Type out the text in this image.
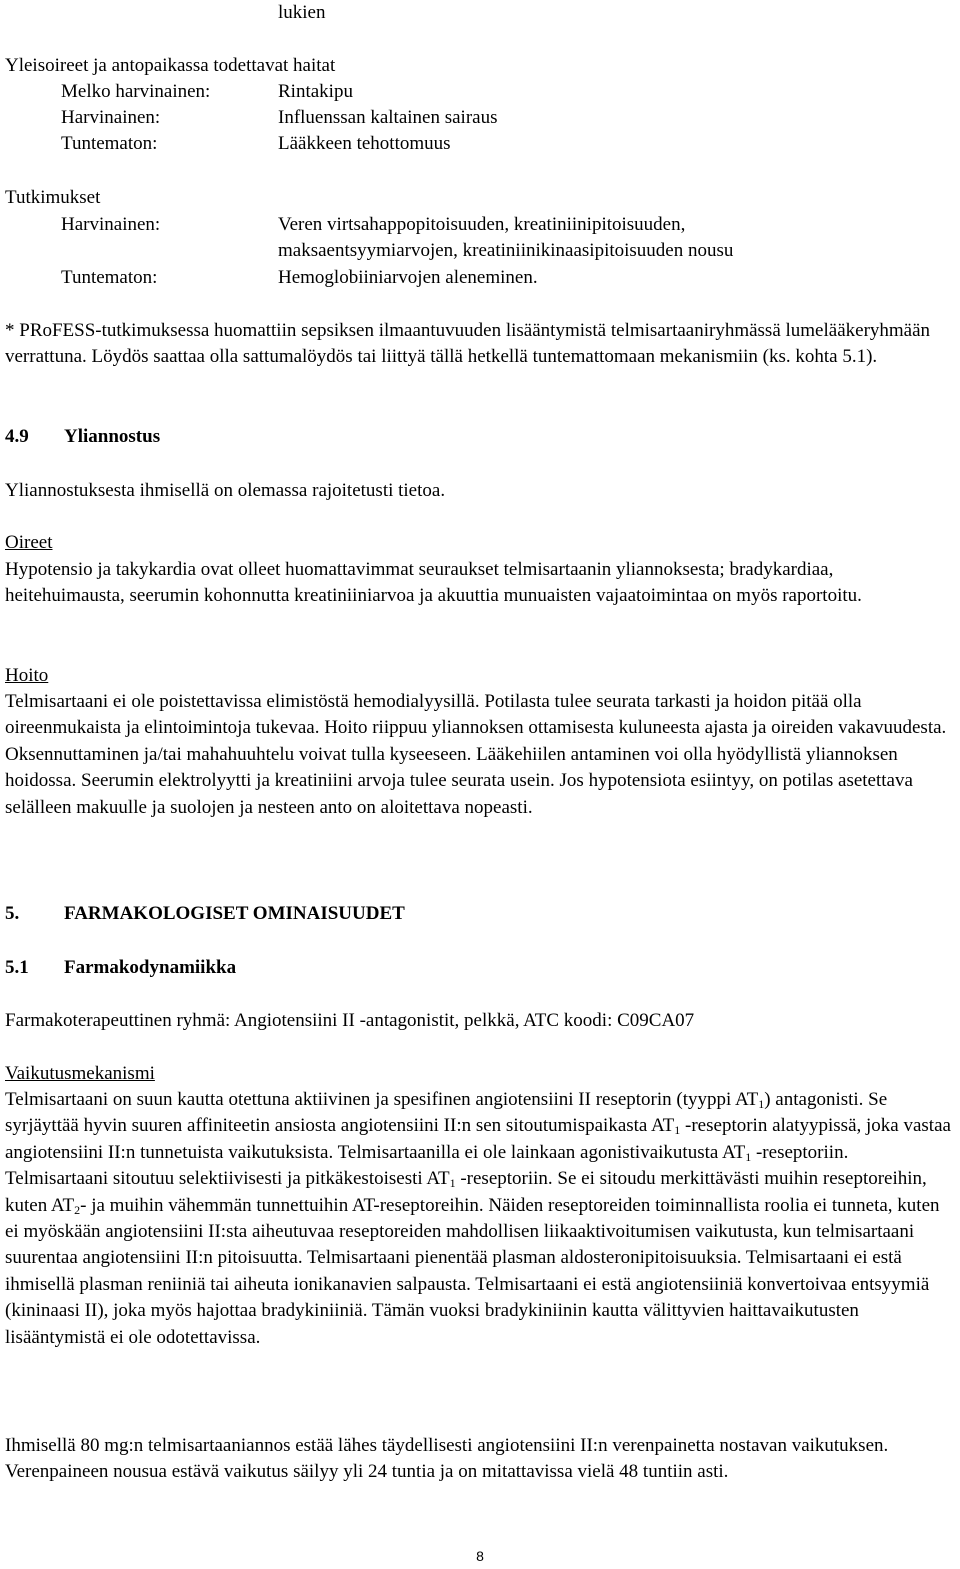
lukien
Yleisoireet ja antopaikassa todettavat haitat
Melko harvinainen:	Rintakipu
Harvinainen:	Influenssan kaltainen sairaus
Tuntematon:	Lääkkeen tehottomuus
Tutkimukset
Harvinainen:	Veren virtsahappopitoisuuden, kreatiniinipitoisuuden,
maksaentsyymiarvojen, kreatiniinikinaasipitoisuuden nousu
Tuntematon:	Hemoglobiiniarvojen aleneminen.
* PRoFESS-tutkimuksessa huomattiin sepsiksen ilmaantuvuuden lisääntymistä telmisartaaniryhmässä lumelääkeryhmään verrattuna. Löydös saattaa olla sattumalöydös tai liittyä tällä hetkellä tuntemattomaan mekanismiin (ks. kohta 5.1).
4.9 Yliannostus
Yliannostuksesta ihmisellä on olemassa rajoitetusti tietoa.
Oireet
Hypotensio ja takykardia ovat olleet huomattavimmat seuraukset telmisartaanin yliannoksesta; bradykardiaa, heitehuimausta, seerumin kohonnutta kreatiniiniarvoa ja akuuttia munuaisten vajaatoimintaa on myös raportoitu.
Hoito
Telmisartaani ei ole poistettavissa elimistöstä hemodialyysillä. Potilasta tulee seurata tarkasti ja hoidon pitää olla oireenmukaista ja elintoimintoja tukevaa. Hoito riippuu yliannoksen ottamisesta kuluneesta ajasta ja oireiden vakavuudesta. Oksennuttaminen ja/tai mahahuuhtelu voivat tulla kyseeseen. Lääkehiilen antaminen voi olla hyödyllistä yliannoksen hoidossa. Seerumin elektrolyytti ja kreatiniini arvoja tulee seurata usein. Jos hypotensiota esiintyy, on potilas asetettava selälleen makuulle ja suolojen ja nesteen anto on aloitettava nopeasti.
5. FARMAKOLOGISET OMINAISUUDET
5.1 Farmakodynamiikka
Farmakoterapeuttinen ryhmä: Angiotensiini II -antagonistit, pelkkä, ATC koodi: C09CA07
Vaikutusmekanismi
Telmisartaani on suun kautta otettuna aktiivinen ja spesifinen angiotensiini II reseptorin (tyyppi $AT_1$) antagonisti. Se syrjäyttää hyvin suuren affiniteetin ansiosta angiotensiini II:n sen sitoutumispaikasta $AT_1$ -reseptorin alatyypissä, joka vastaa angiotensiini II:n tunnetuista vaikutuksista. Telmisartaanilla ei ole lainkaan agonistivaikutusta $AT_1$ -reseptoriin. Telmisartaani sitoutuu selektiivisesti ja pitkäkestoisesti $AT_1$ -reseptoriin. Se ei sitoudu merkittävästi muihin reseptoreihin, kuten $AT_2-$ ja muihin vähemmän tunnettuihin AT-reseptoreihin. Näiden reseptoreiden toiminnallista roolia ei tunneta, kuten ei myöskään angiotensiini II:sta aiheutuvaa reseptoreiden mahdollisen liikaaktivoitumisen vaikutusta, kun telmisartaani suurentaa angiotensiini II:n pitoisuutta. Telmisartaani pienentää plasman aldosteronipitoisuuksia. Telmisartaani ei estä ihmisellä plasman reniiniä tai aiheuta ionikanavien salpausta. Telmisartaani ei estä angiotensiiniä konvertoivaa entsyymiä (kininaasi II), joka myös hajottaa bradykiniiniä. Tämän vuoksi bradykiniinin kautta välittyvien haittavaikutusten lisääntymistä ei ole odotettavissa.
Ihmisellä 80 mg:n telmisartaaniannos estää lähes täydellisesti angiotensiini II:n verenpainetta nostavan vaikutuksen. Verenpaineen nousua estävä vaikutus säilyy yli 24 tuntia ja on mitattavissa vielä 48 tuntiin asti.
8
